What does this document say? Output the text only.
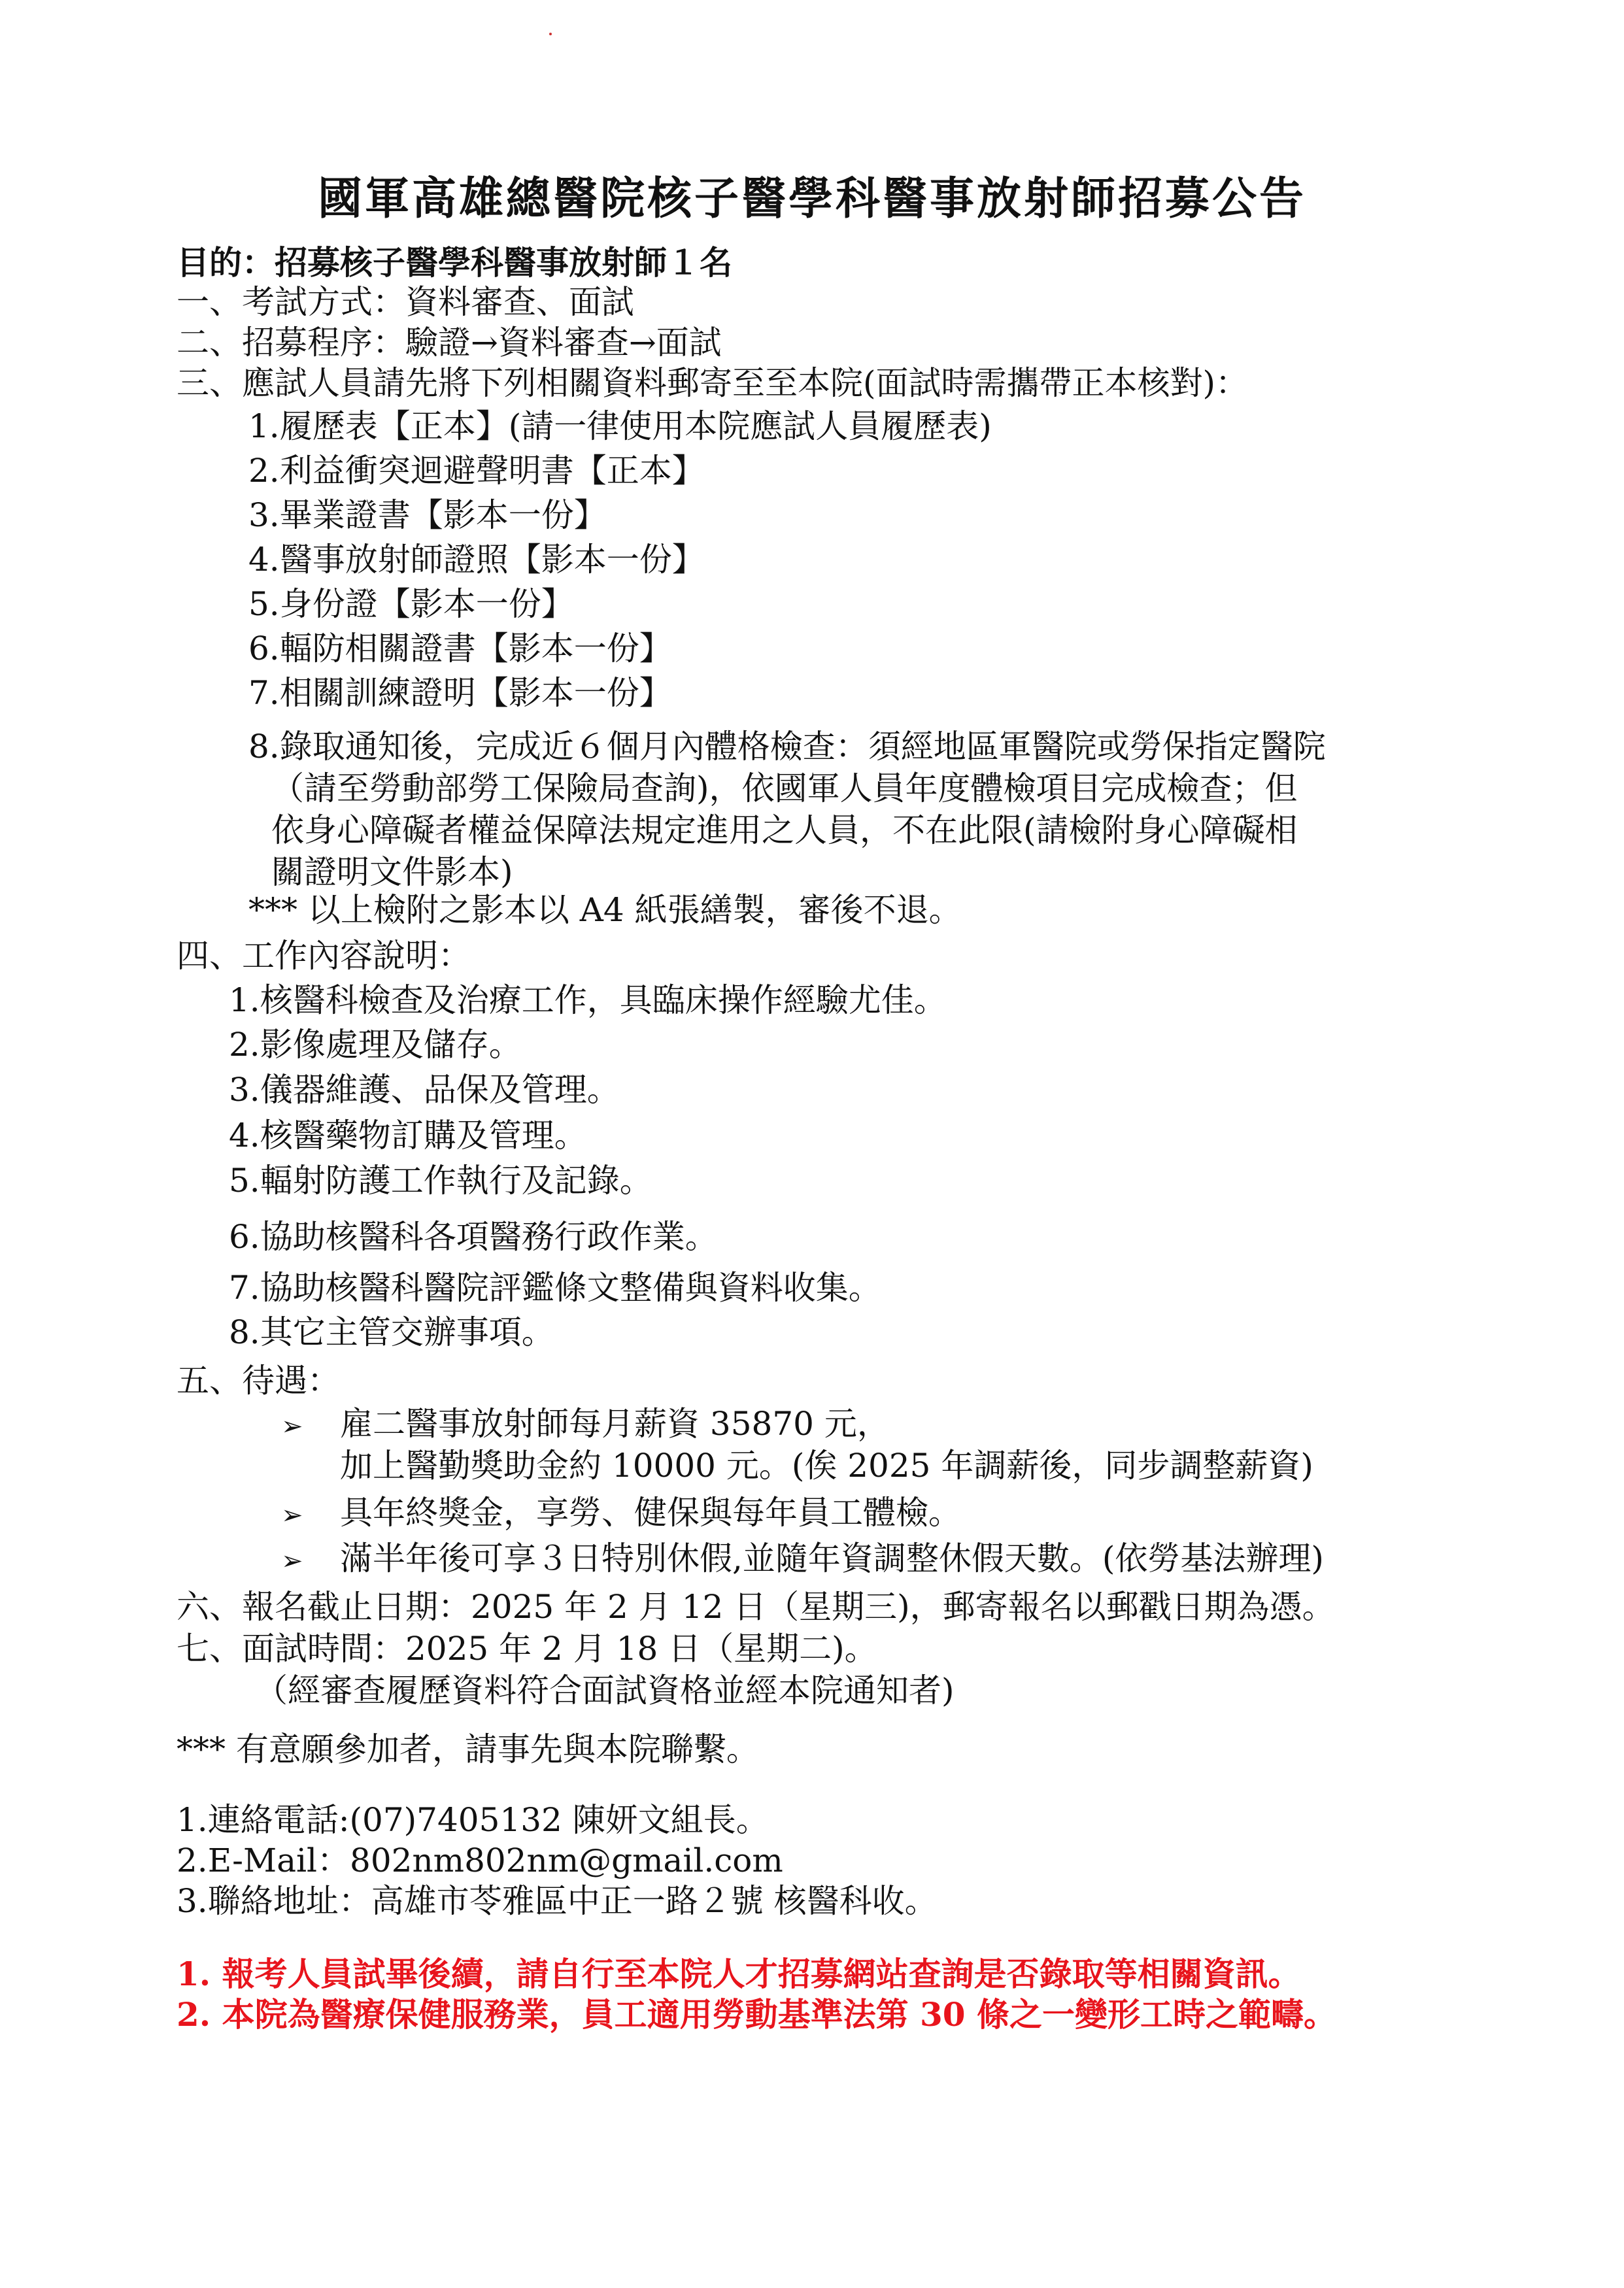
國軍高雄總醫院核子醫學科醫事放射師招募公告
目的：招募核子醫學科醫事放射師１名
一、考試方式：資料審查、面試
二、招募程序：驗證→資料審查→面試
三、應試人員請先將下列相關資料郵寄至至本院(面試時需攜帶正本核對)：
1.履歷表【正本】(請一律使用本院應試人員履歷表)
2.利益衝突迴避聲明書【正本】
3.畢業證書【影本一份】
4.醫事放射師證照【影本一份】
5.身份證【影本一份】
6.輻防相關證書【影本一份】
7.相關訓練證明【影本一份】
8.錄取通知後，完成近６個月內體格檢查：須經地區軍醫院或勞保指定醫院
（請至勞動部勞工保險局查詢)，依國軍人員年度體檢項目完成檢查；但
依身心障礙者權益保障法規定進用之人員，不在此限(請檢附身心障礙相
關證明文件影本)
*** 以上檢附之影本以 A4 紙張繕製，審後不退。
四、工作內容說明：
1.核醫科檢查及治療工作，具臨床操作經驗尤佳。
2.影像處理及儲存。
3.儀器維護、品保及管理。
4.核醫藥物訂購及管理。
5.輻射防護工作執行及記錄。
6.協助核醫科各項醫務行政作業。
7.協助核醫科醫院評鑑條文整備與資料收集。
8.其它主管交辦事項。
五、待遇：
➢ 雇二醫事放射師每月薪資 35870 元，
加上醫勤獎助金約 10000 元。(俟 2025 年調薪後，同步調整薪資)
➢ 具年終獎金，享勞、健保與每年員工體檢。
➢ 滿半年後可享３日特別休假,並隨年資調整休假天數。(依勞基法辦理)
六、報名截止日期：2025 年 2 月 12 日（星期三)，郵寄報名以郵戳日期為憑。
七、面試時間：2025 年 2 月 18 日（星期二)。
（經審查履歷資料符合面試資格並經本院通知者)
*** 有意願參加者，請事先與本院聯繫。
1.連絡電話:(07)7405132 陳妍文組長。
2.E-Mail：802nm802nm@gmail.com
3.聯絡地址：高雄市苓雅區中正一路２號 核醫科收。
1. 報考人員試畢後續，請自行至本院人才招募網站查詢是否錄取等相關資訊。
2. 本院為醫療保健服務業，員工適用勞動基準法第 30 條之一變形工時之範疇。
